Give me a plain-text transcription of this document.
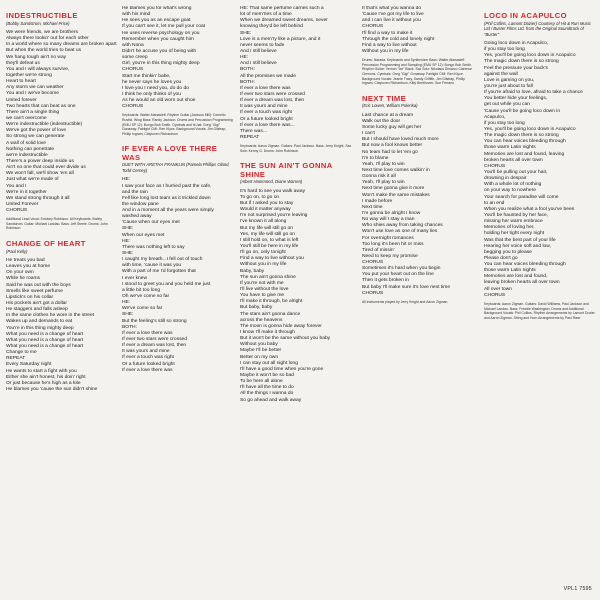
INDESTRUCTIBLE
(Bobby Sandstrom, Michael Price)
We were friends, we are brothers
Always there lookin' out for each other
In a world where so many dreams are broken apart
But when the world tries to beat us
We hang tough ain't no way
they'll defeat us
You and I will always survive,
together we're strong
Heart to heart
Any storm we can weather
You and I we've become
United forever
Two hearts that can beat as one
There ain't a single thing
we can't overcome
We're indestructible (indestructible)
We've got the power of love
So strong we can generate
A wall of solid love
Nothing can penetrate
we're indestructible
There's a power deep inside us
Ain't no one that could ever divide us
We won't fall, we'll show 'em all
Just what we're made of
You and I
We're in it together
We stand strong through it all
United Forever
CHORUS
Additional Lead Vocal: Smokey Robinson. All Keyboards: Bobby Sandstrom. Guitar: Michael Landau. Bass: Jeff Steele. Drums: John Robinson
CHANGE OF HEART
(Paul Kelly)
He treats you bad
Leaves you at home
On your own
While he roams
Said he was out with the boys
Smells like sweet perfume
Lipstick's on his collar
His pockets ain't got a dollar
He staggers and falls asleep
In the same clothes he wore in the street
Wakes up and demands to eat
You're in this thing mighty deep
What you need is a change of heart
What you need is a change of heart
What you need is a change of heart
Change to me
REPEAT
Every Saturday night
He wants to start a fight with you
Either she ain't honest, his doin' right
Or just because he's high as a kite
He blames you 'cause the sun didn't shine
He blames you for what's wrong
with his mind
He sees you as an escape goat
If you can't see it, let me pull your coat
He uses reverse psychology on you
Remember when you caught him
with Nona
Didn't he accuse you of being with
some creep
Girl, you're in this thing mighty deep
CHORUS
Start me thinkin' babe,
he never says he loves you
I love you I need you, do do do
I think he only thinks of you
As he would an old worn out shoe
CHORUS
Keyboards: Walter Afanasieff. Rhythm Guitar (Jackson Mill): Cornelio Rustici. Wing Bass: Randy Jackson. Drums and Percussion Programming (EMU SP 12): Bongo Bob Smith. Cymbals and hi-hat: Greg "Gigi" Gonaway. Fairlight CMI: Ren Klyce. Background Vocals: Jim Gilstrap, Phillip Ingram, Claytoven Richardson
IF EVER A LOVE THERE WAS
DUET WITH ARETHA FRANKLIN (Pamela Phillips Oland, Todd Cerney)
HE:
I saw your face as I hurried past the cafe,
and the rain
Fell like long lost tears as it trickled down
the window pane
And in a moment all the years were simply
washed away
'Cause when our eyes met
SHE:
When our eyes met
HE:
There was nothing left to say
SHE:
I caught my breath...I fell out of touch
with time, 'cause it was you
With a part of me I'd forgotten that
I ever knew
I stood to greet you and you held me just
a little bit too long
Oh we've come so far
HE:
We've come so far
SHE:
But the feeling's still so strong
BOTH:
If ever a love there was
If ever two stars were crossed
If ever a dream was lost, then
It was yours and mine
If ever a touch was right
Or a future looked bright
If ever a love there was
HE: That same perfume carries such a
lot of mem'ries of a time
When we dreamed sweet dreams, never
knowing they'd be left behind
SHE:
Love is a mem'ry like a picture, and it
never seems to fade
And I still believe
HE:
And I still believe
BOTH:
All the promises we made
BOTH:
If ever a love there was
If ever two stars were crossed
If ever a dream was lost, then
It was yours and mine
If ever a touch was right
Or a future looked bright
If ever a love there was...
There was...
REPEAT
Keyboards: Aaron Zigman. Guitars: Paul Jackson. Bass: Jerry Knight. Sax Solo: Kenny G. Drums: John Robinson
THE SUN AIN'T GONNA SHINE
(Albert Hammond, Diane Warren)
It's hard to see you walk away
To go on, to go on
But if I asked you to stay
Would it matter anyway
I'm not surprised you're leaving
I've known it all along
But my life will still go on
Yes, my life will still go on
I still hold on, to what is left
You'll still be here in my life
I'll go on, only tonight
Find a way to live without you
Without you in my life
Baby, baby
The sun ain't gonna shine
If you're not with me
I'll live without the love
You have to give me
I'll make it through, be alright
But baby, baby
The stars ain't gonna dance
across the heavens
The moon is gonna hide away forever
I know I'll make it through
But it won't be the same without you baby
Without you baby
Maybe I'll be better
Better on my own
I can stay out all night long
I'll have a good time when you're gone
Maybe it won't be so bad
To be here all alone
I'll have all the time to do
All the things I wanna do
So go ahead and walk away
If that's what you wanna do
'Cause I've got my life to live
and I can live it without you
CHORUS
I'll find a way to make it
Through the cold and lonely night
Find a way to live without
Without you in my life
Drums: Narada. Keyboards and Synthesizer Bass: Walter Afanasieff. Percussion Programming and Sampling (EMU SP 12): Bongo Bob Smith. Rhythm Guitar: Vernon "Ice" Black. Sax Solo: Nikolaus Dimarco Clarence Clemons. Cymbals: Greg "Gigi" Gonaway. Fairlight CMI: Ren Klyce. Background Vocals: Jeanie Tracy, Sandy Griffith, Jim Gilstrap, Phillip Ingram, Claytoven Richardson, Kitty Beethoven, Sue Ferrano
NEXT TIME
(Eric Lowen, William Polenka)
Last chance at a dream
Walk out the door
Some lucky guy will get her
I can't
But I should have loved much more
But now a fool knows better
No tears had to let 'em go
I'm to blame
Yeah, I'll play to win
Next time love comes walkin' in
Gonna risk it all
Yeah, I'll play to win
Next time gonna give it more
Won't make the same mistakes
I made before
Next time
I'm gonna be alright I know
No way will I stay a man
Who shies away from taking chances
Won't use love as one of many lies
For overnight romances
Too long it's been hit or miss
Tired of missin'
Need to keep my promise
CHORUS
Sometimes it's hard when you begin
You put your heart out on the line
Then it gets broken in
But baby I'll make sure it's love next time
CHORUS
All instruments played by Jerry Knight and Aaron Zigman
LOCO IN ACAPULCO
(Phil Collins, Lamont Dozier) Courtesy of Hit & Run Music Ltd / Buster Films Ltd. from the Original Soundtrack of "Buster"
Going loco down in Acapulco,
if you stay too long
Yes, you'll be going loco down in Acapulco
The magic down there is so strong
Feel the pressure your back's
against the wall
Love is gaming on you,
you're just about to fall
If you're afraid to love, afraid to take a chance
You better hide your feelings,
get out while you can
'Cause you'll be going loco down in
Acapulco,
if you stay too long
Yes, you'll be going loco down in Acapulco
The magic down there is so strong
You can hear voices bleeding through
those warm Latin nights
Memories are lost and found, leaving
broken hearts all over town
CHORUS
You'll be pulling out your hair,
drowning in despair
With a whole lot of nothing
on your way to nowhere
Your search for paradise will come
to an end
When you realize what a fool you've been
You'll be haunted by her face,
missing her warm embrace
Memories of loving her,
holding her tight every night
Was that the best part of your life
Hearing her voice soft and low,
begging you to please
Please don't go
You can hear voices bleeding through
those warm Latin nights
Memories are lost and found,
leaving broken hearts all over town
All over town
CHORUS
Keyboards: Aaron Zigman. Guitars: David Williams, Paul Jackson and Michael Landau. Bass: Freddie Washington. Drums and Additional Background Vocals: Phil Collins. Rhythm Arrangements by Lamont Dozier and Aaron Zigman. String and Horn Arrangements by Paul Riser
VPL1 7595
